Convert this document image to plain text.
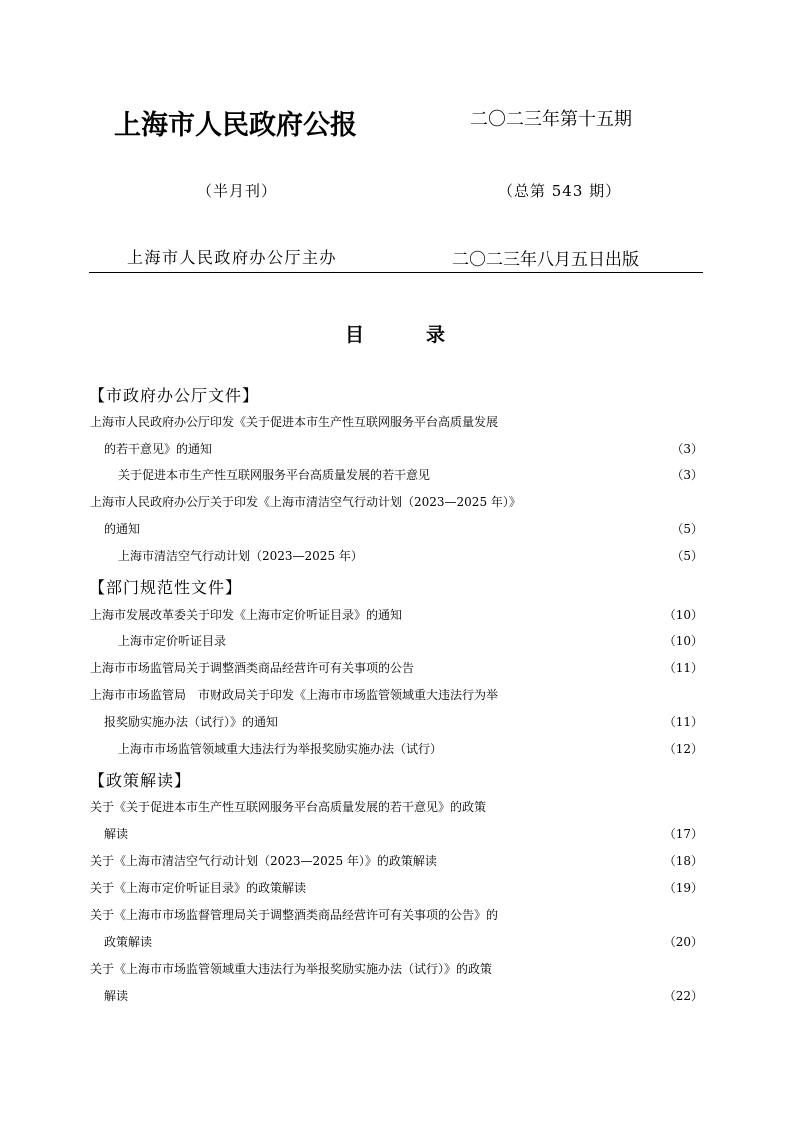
上海市人民政府公报	二〇二三年第十五期
（半月刊）	（总第 543 期）
上海市人民政府办公厅主办	二〇二三年八月五日出版
目	录
【市政府办公厅文件】
上海市人民政府办公厅印发《关于促进本市生产性互联网服务平台高质量发展
的若干意见》的通知	（3）
关于促进本市生产性互联网服务平台高质量发展的若干意见	（3）
上海市人民政府办公厅关于印发《上海市清洁空气行动计划（2023—2025 年）》
的通知	（5）
上海市清洁空气行动计划（2023—2025 年）	（5）
【部门规范性文件】
上海市发展改革委关于印发《上海市定价听证目录》的通知	（10）
上海市定价听证目录	（10）
上海市市场监管局关于调整酒类商品经营许可有关事项的公告	（11）
上海市市场监管局　市财政局关于印发《上海市市场监管领域重大违法行为举
报奖励实施办法（试行）》的通知	（11）
上海市市场监管领域重大违法行为举报奖励实施办法（试行）	（12）
【政策解读】
关于《关于促进本市生产性互联网服务平台高质量发展的若干意见》的政策
解读	（17）
关于《上海市清洁空气行动计划（2023—2025 年）》的政策解读	（18）
关于《上海市定价听证目录》的政策解读	（19）
关于《上海市市场监督管理局关于调整酒类商品经营许可有关事项的公告》的
政策解读	（20）
关于《上海市市场监管领域重大违法行为举报奖励实施办法（试行）》的政策
解读	（22）
